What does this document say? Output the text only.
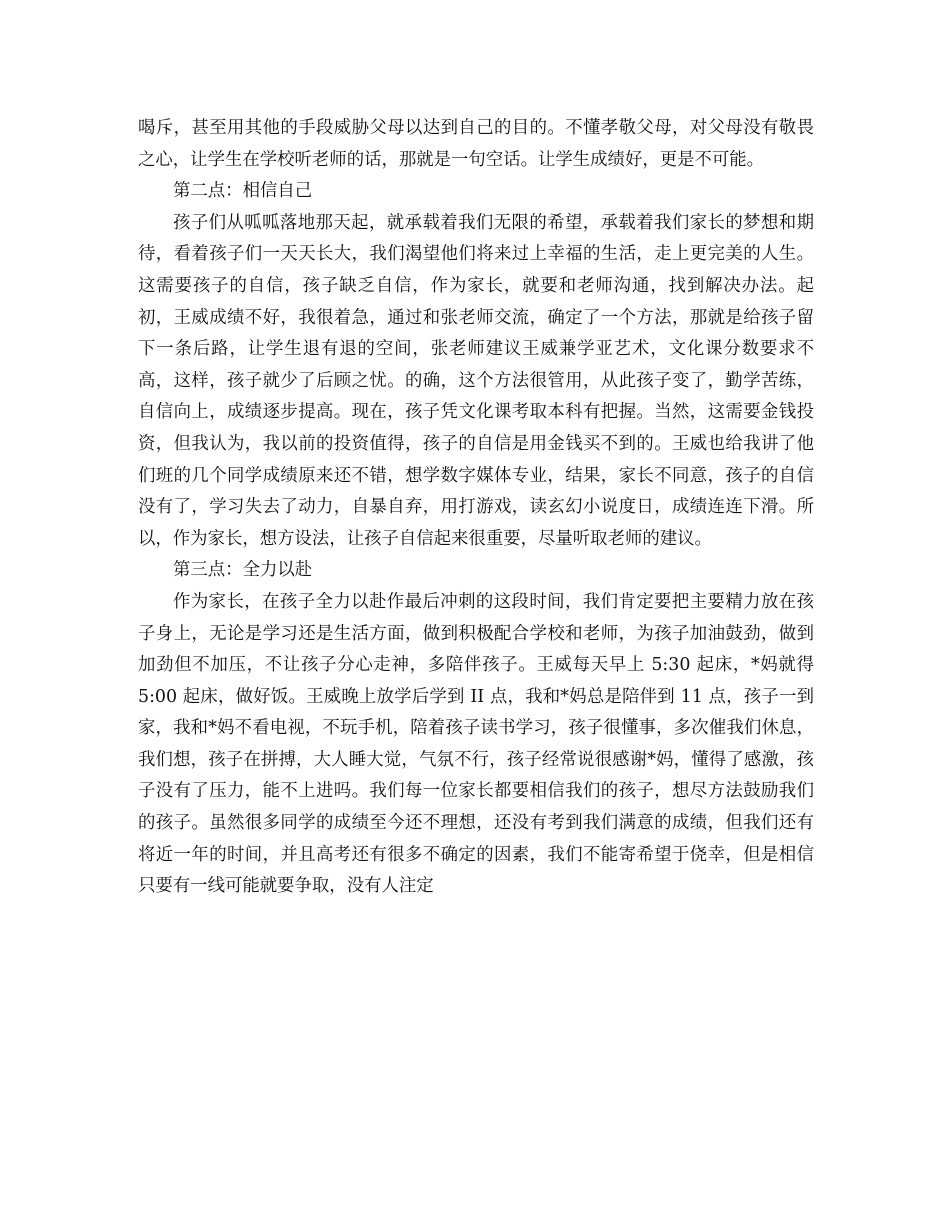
喝斥，甚至用其他的手段威胁父母以达到自己的目的。不懂孝敬父母，对父母没有敬畏之心，让学生在学校听老师的话，那就是一句空话。让学生成绩好，更是不可能。

第二点：相信自己

孩子们从呱呱落地那天起，就承载着我们无限的希望，承载着我们家长的梦想和期待，看着孩子们一天天长大，我们渴望他们将来过上幸福的生活，走上更完美的人生。这需要孩子的自信，孩子缺乏自信，作为家长，就要和老师沟通，找到解决办法。起初，王威成绩不好，我很着急，通过和张老师交流，确定了一个方法，那就是给孩子留下一条后路，让学生退有退的空间，张老师建议王威兼学亚艺术，文化课分数要求不高，这样，孩子就少了后顾之忧。的确，这个方法很管用，从此孩子变了，勤学苦练，自信向上，成绩逐步提高。现在，孩子凭文化课考取本科有把握。当然，这需要金钱投资，但我认为，我以前的投资值得，孩子的自信是用金钱买不到的。王威也给我讲了他们班的几个同学成绩原来还不错，想学数字媒体专业，结果，家长不同意，孩子的自信没有了，学习失去了动力，自暴自弃，用打游戏，读玄幻小说度日，成绩连连下滑。所以，作为家长，想方设法，让孩子自信起来很重要，尽量听取老师的建议。

第三点：全力以赴

作为家长，在孩子全力以赴作最后冲刺的这段时间，我们肯定要把主要精力放在孩子身上，无论是学习还是生活方面，做到积极配合学校和老师，为孩子加油鼓劲，做到加劲但不加压，不让孩子分心走神，多陪伴孩子。王威每天早上 5:30 起床，*妈就得 5:00 起床，做好饭。王威晚上放学后学到 II 点，我和*妈总是陪伴到 11 点，孩子一到家，我和*妈不看电视，不玩手机，陪着孩子读书学习，孩子很懂事，多次催我们休息，我们想，孩子在拼搏，大人睡大觉，气氛不行，孩子经常说很感谢*妈，懂得了感激，孩子没有了压力，能不上进吗。我们每一位家长都要相信我们的孩子，想尽方法鼓励我们的孩子。虽然很多同学的成绩至今还不理想，还没有考到我们满意的成绩，但我们还有将近一年的时间，并且高考还有很多不确定的因素，我们不能寄希望于侥幸，但是相信只要有一线可能就要争取，没有人注定
